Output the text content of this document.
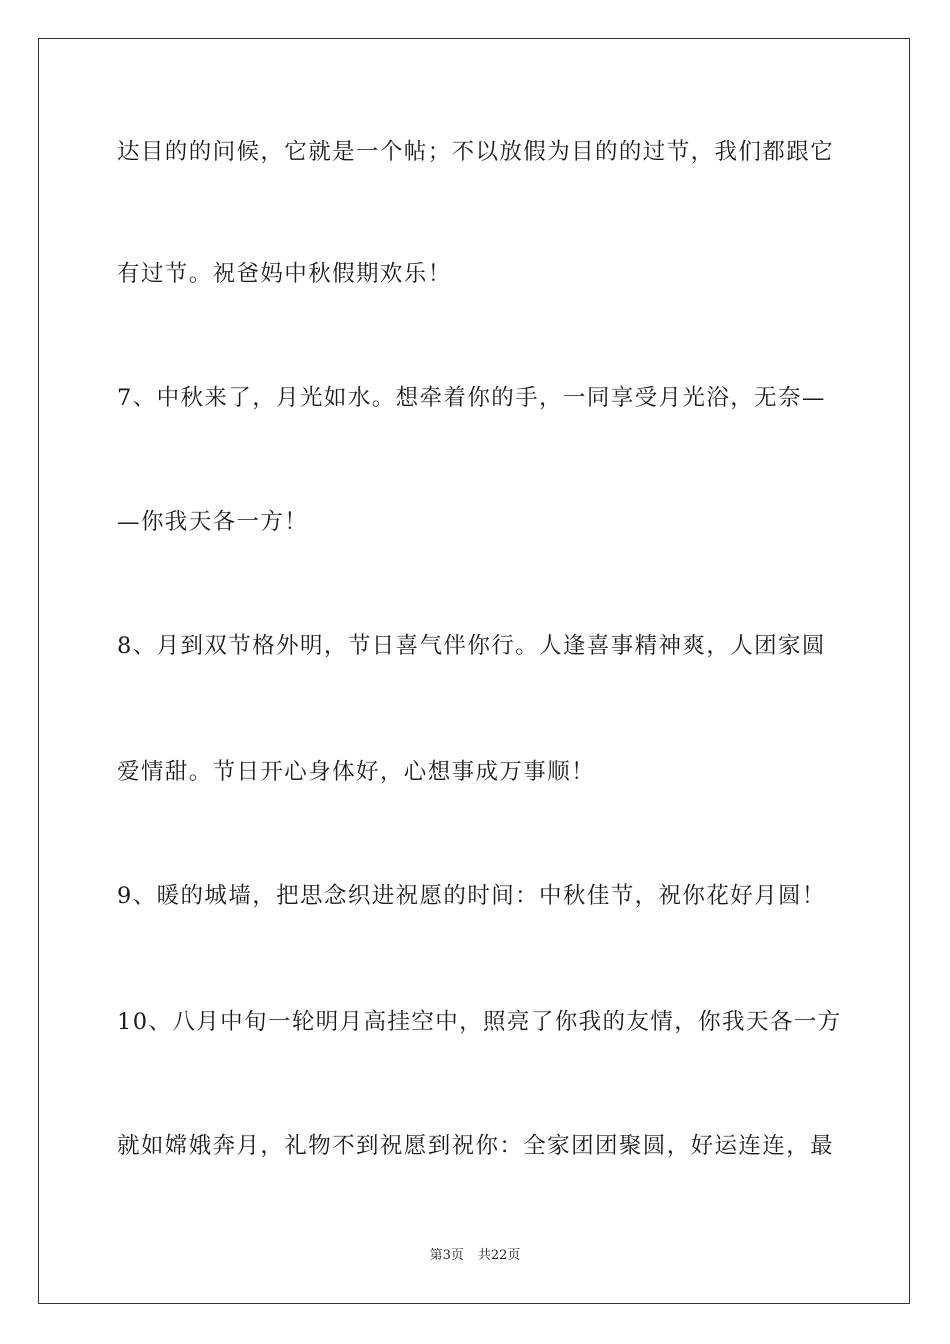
达目的的问候，它就是一个帖；不以放假为目的的过节，我们都跟它
有过节。祝爸妈中秋假期欢乐！
7、中秋来了，月光如水。想牵着你的手，一同享受月光浴，无奈—
—你我天各一方！
8、月到双节格外明，节日喜气伴你行。人逢喜事精神爽，人团家圆
爱情甜。节日开心身体好，心想事成万事顺！
9、暖的城墙，把思念织进祝愿的时间：中秋佳节，祝你花好月圆！
10、八月中旬一轮明月高挂空中，照亮了你我的友情，你我天各一方
就如嫦娥奔月，礼物不到祝愿到祝你：全家团团聚圆，好运连连，最
第3页 共22页
